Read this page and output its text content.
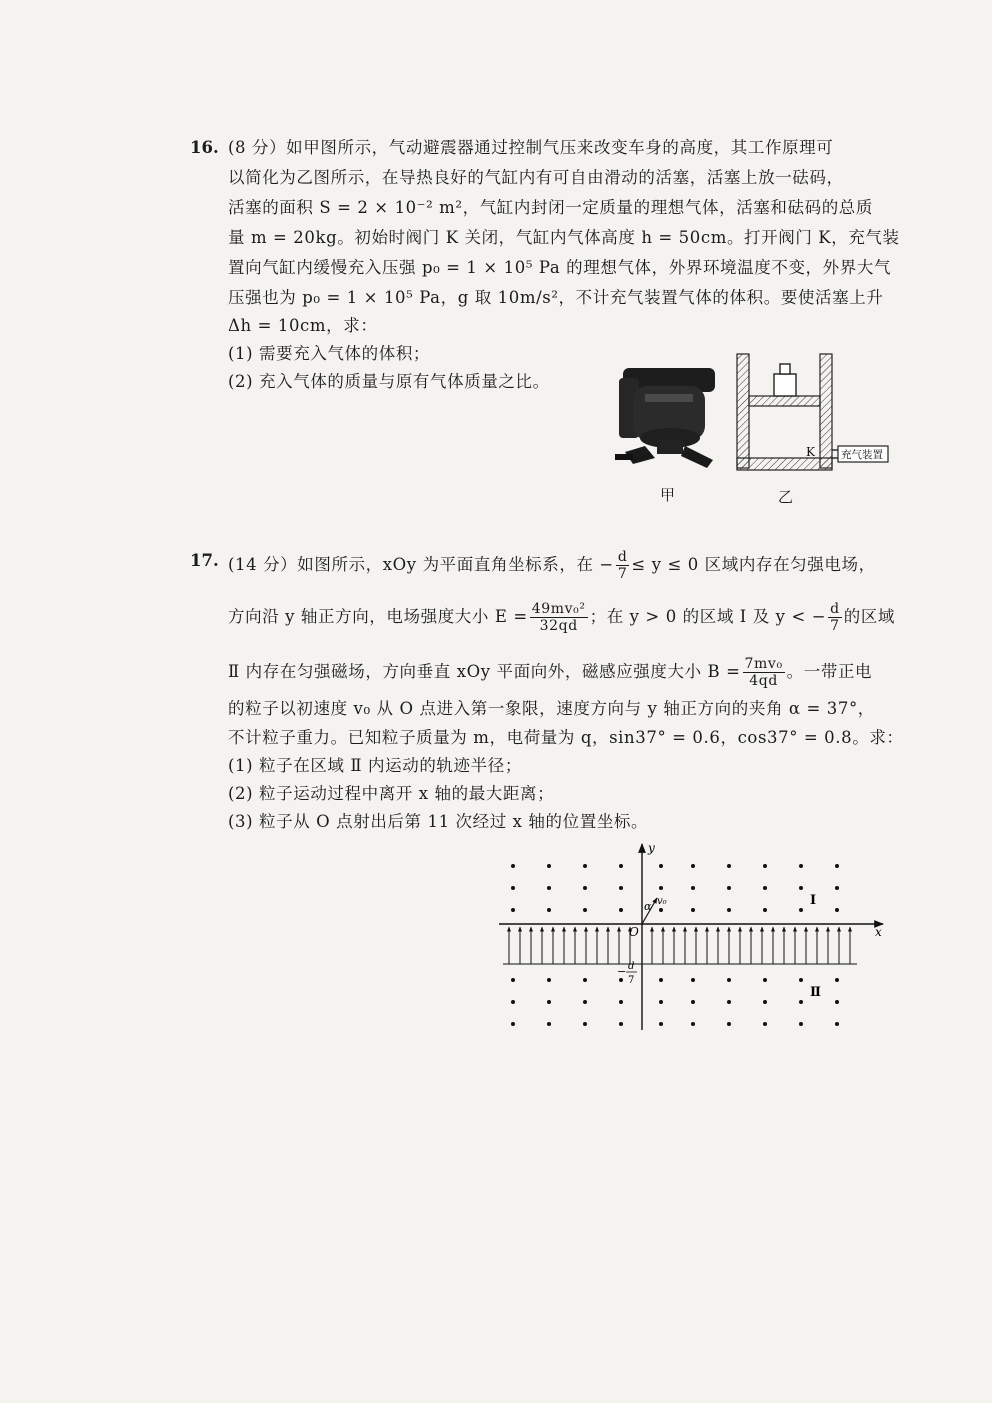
16. (8 分）如甲图所示，气动避震器通过控制气压来改变车身的高度，其工作原理可
以简化为乙图所示，在导热良好的气缸内有可自由滑动的活塞，活塞上放一砝码，
活塞的面积 S = 2 × 10⁻² m²，气缸内封闭一定质量的理想气体，活塞和砝码的总质
量 m = 20kg。初始时阀门 K 关闭，气缸内气体高度 h = 50cm。打开阀门 K，充气装
置向气缸内缓慢充入压强 p₀ = 1 × 10⁵ Pa 的理想气体，外界环境温度不变，外界大气
压强也为 p₀ = 1 × 10⁵ Pa，g 取 10m/s²，不计充气装置气体的体积。要使活塞上升
Δh = 10cm，求：
(1) 需要充入气体的体积；
(2) 充入气体的质量与原有气体质量之比。
甲
K 充气装置
乙
17. (14 分）如图所示，xOy 为平面直角坐标系，在 − $\frac{d}{7} \le y \le 0$ 区域内存在匀强电场，
方向沿 y 轴正方向，电场强度大小 $E = \frac{\text{49mv₀²}}{32qd}$ ；在 y > 0 的区域 Ⅰ 及 y < − $\frac{d}{7}$ 的区域
Ⅱ 内存在匀强磁场，方向垂直 xOy 平面向外，磁感应强度大小 $B = \frac{\text{7mv₀}}{4qd}$ 。一带正电
的粒子以初速度 v₀ 从 O 点进入第一象限，速度方向与 y 轴正方向的夹角 α = 37°，
不计粒子重力。已知粒子质量为 m，电荷量为 q，sin37° = 0.6，cos37° = 0.8。求：
(1) 粒子在区域 Ⅱ 内运动的轨迹半径；
(2) 粒子运动过程中离开 x 轴的最大距离；
(3) 粒子从 O 点射出后第 11 次经过 x 轴的位置坐标。
y
x
O
α v₀	Ⅰ
Ⅱ
− d
7
